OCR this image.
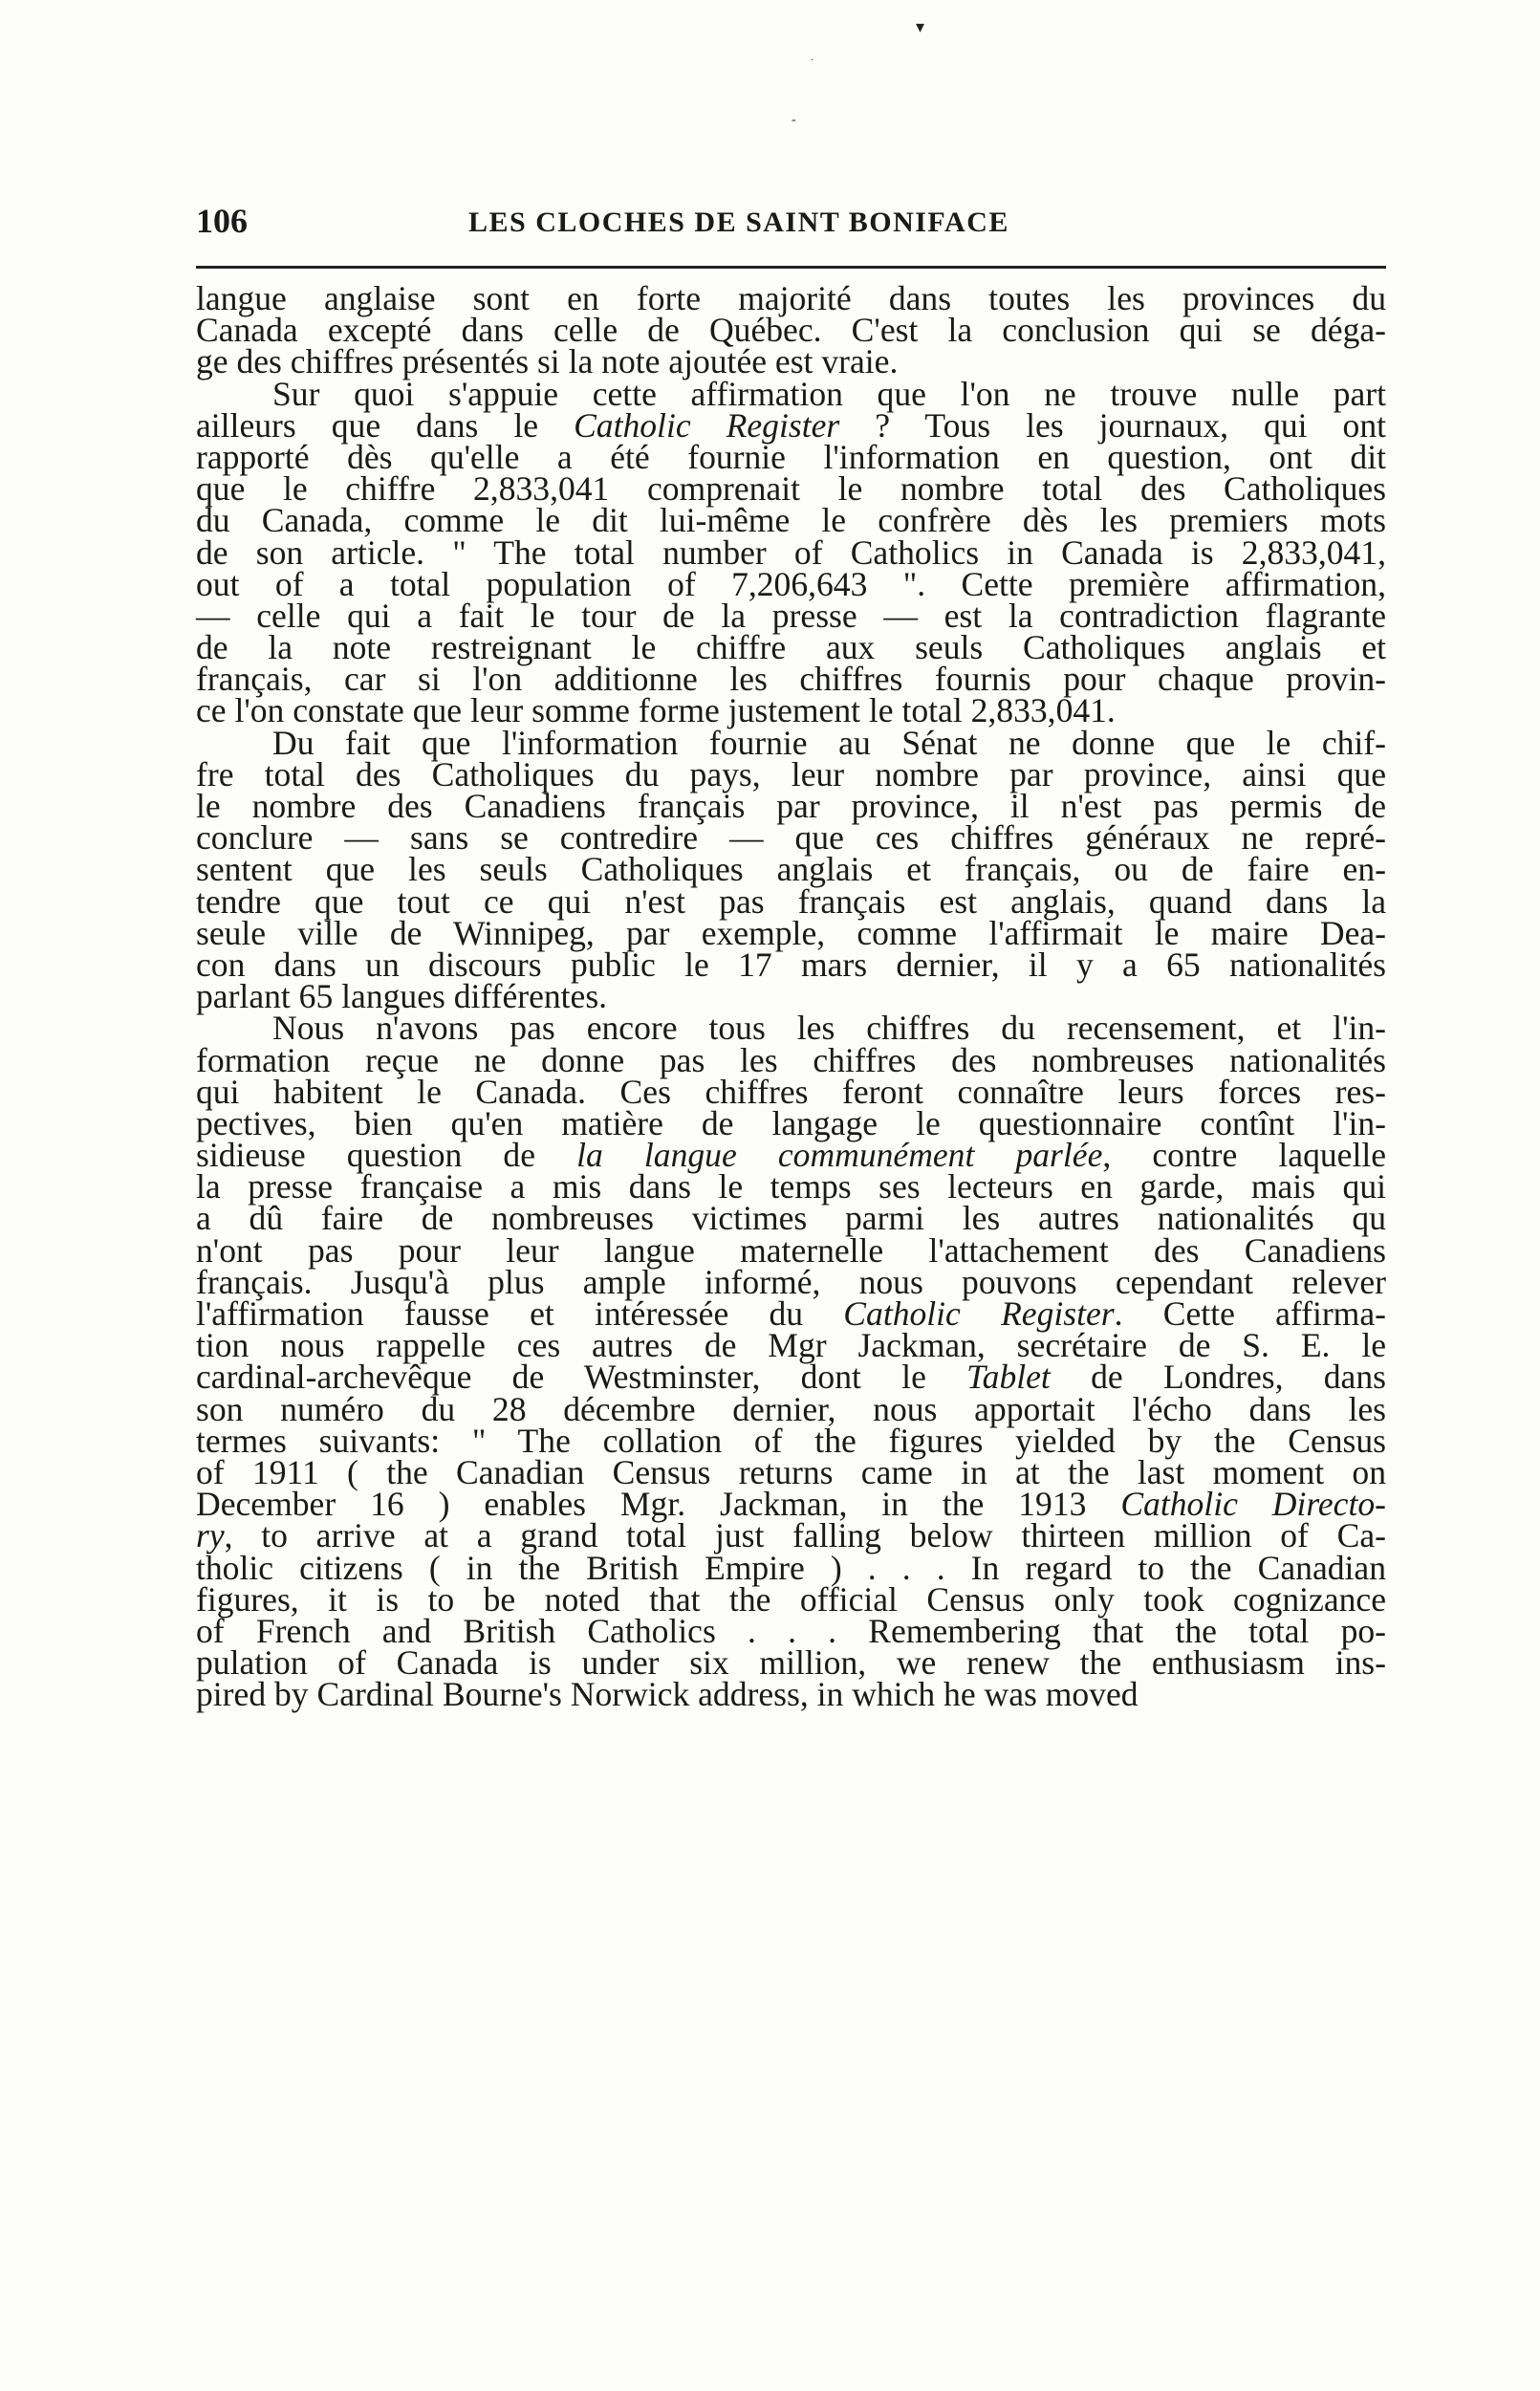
▾
·
-
106	LES CLOCHES DE SAINT BONIFACE
langue anglaise sont en forte majorité dans toutes les provinces du
Canada excepté dans celle de Québec. C'est la conclusion qui se déga-
ge des chiffres présentés si la note ajoutée est vraie.
Sur quoi s'appuie cette affirmation que l'on ne trouve nulle part
ailleurs que dans le Catholic Register ? Tous les journaux, qui ont
rapporté dès qu'elle a été fournie l'information en question, ont dit
que le chiffre 2,833,041 comprenait le nombre total des Catholiques
du Canada, comme le dit lui-même le confrère dès les premiers mots
de son article. " The total number of Catholics in Canada is 2,833,041,
out of a total population of 7,206,643 ". Cette première affirmation,
— celle qui a fait le tour de la presse — est la contradiction flagrante
de la note restreignant le chiffre aux seuls Catholiques anglais et
français, car si l'on additionne les chiffres fournis pour chaque provin-
ce l'on constate que leur somme forme justement le total 2,833,041.
Du fait que l'information fournie au Sénat ne donne que le chif-
fre total des Catholiques du pays, leur nombre par province, ainsi que
le nombre des Canadiens français par province, il n'est pas permis de
conclure — sans se contredire — que ces chiffres généraux ne repré-
sentent que les seuls Catholiques anglais et français, ou de faire en-
tendre que tout ce qui n'est pas français est anglais, quand dans la
seule ville de Winnipeg, par exemple, comme l'affirmait le maire Dea-
con dans un discours public le 17 mars dernier, il y a 65 nationalités
parlant 65 langues différentes.
Nous n'avons pas encore tous les chiffres du recensement, et l'in-
formation reçue ne donne pas les chiffres des nombreuses nationalités
qui habitent le Canada. Ces chiffres feront connaître leurs forces res-
pectives, bien qu'en matière de langage le questionnaire contînt l'in-
sidieuse question de la langue communément parlée, contre laquelle
la presse française a mis dans le temps ses lecteurs en garde, mais qui
a dû faire de nombreuses victimes parmi les autres nationalités qu
n'ont pas pour leur langue maternelle l'attachement des Canadiens
français. Jusqu'à plus ample informé, nous pouvons cependant relever
l'affirmation fausse et intéressée du Catholic Register. Cette affirma-
tion nous rappelle ces autres de Mgr Jackman, secrétaire de S. E. le
cardinal-archevêque de Westminster, dont le Tablet de Londres, dans
son numéro du 28 décembre dernier, nous apportait l'écho dans les
termes suivants: " The collation of the figures yielded by the Census
of 1911 ( the Canadian Census returns came in at the last moment on
December 16 ) enables Mgr. Jackman, in the 1913 Catholic Directo-
ry, to arrive at a grand total just falling below thirteen million of Ca-
tholic citizens ( in the British Empire ) . . . In regard to the Canadian
figures, it is to be noted that the official Census only took cognizance
of French and British Catholics . . . Remembering that the total po-
pulation of Canada is under six million, we renew the enthusiasm ins-
pired by Cardinal Bourne's Norwick address, in which he was moved
